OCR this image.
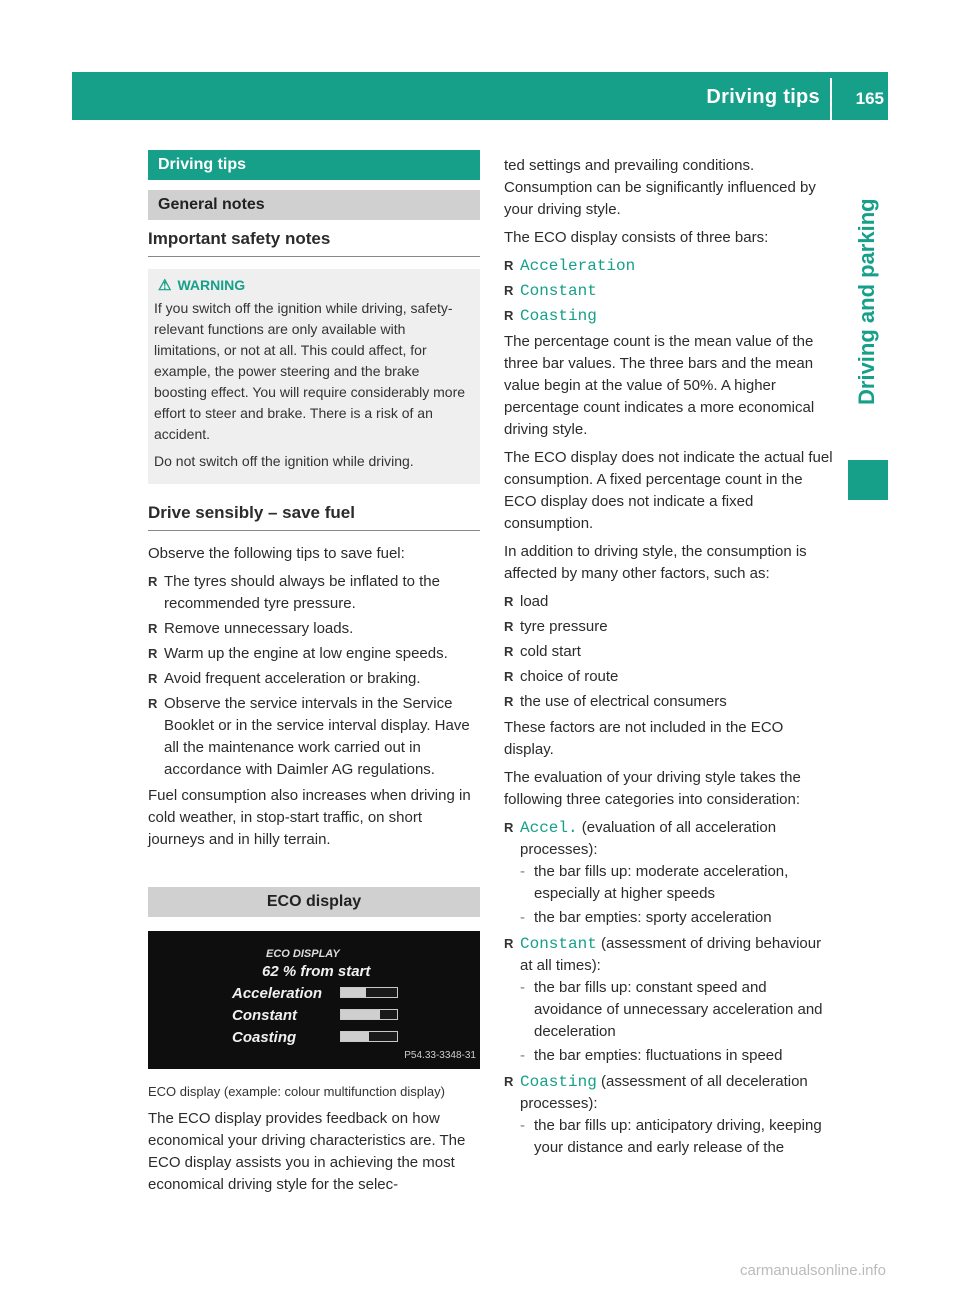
Driving tips 165
Driving and parking
Driving tips
General notes
Important safety notes
⚠ WARNING

If you switch off the ignition while driving, safety-relevant functions are only available with limitations, or not at all. This could affect, for example, the power steering and the brake boosting effect. You will require considerably more effort to steer and brake. There is a risk of an accident.

Do not switch off the ignition while driving.

Drive sensibly – save fuel

Observe the following tips to save fuel:

R The tyres should always be inflated to the recommended tyre pressure.
R Remove unnecessary loads.
R Warm up the engine at low engine speeds.
R Avoid frequent acceleration or braking.
R Observe the service intervals in the Service Booklet or in the service interval display. Have all the maintenance work carried out in accordance with Daimler AG regulations.

Fuel consumption also increases when driving in cold weather, in stop-start traffic, on short journeys and in hilly terrain.

ECO display
ECO DISPLAY
62 % from start
Acceleration
Constant
Coasting
P54.33-3348-31
ECO display (example: colour multifunction display)

The ECO display provides feedback on how economical your driving characteristics are. The ECO display assists you in achieving the most economical driving style for the selec-

ted settings and prevailing conditions. Consumption can be significantly influenced by your driving style.

The ECO display consists of three bars:

R Acceleration
R Constant
R Coasting

The percentage count is the mean value of the three bar values. The three bars and the mean value begin at the value of 50%. A higher percentage count indicates a more economical driving style.

The ECO display does not indicate the actual fuel consumption. A fixed percentage count in the ECO display does not indicate a fixed consumption.

In addition to driving style, the consumption is affected by many other factors, such as:

R load
R tyre pressure
R cold start
R choice of route
R the use of electrical consumers

These factors are not included in the ECO display.

The evaluation of your driving style takes the following three categories into consideration:

R Accel. (evaluation of all acceleration processes):
- the bar fills up: moderate acceleration, especially at higher speeds
- the bar empties: sporty acceleration
R Constant (assessment of driving behaviour at all times):
- the bar fills up: constant speed and avoidance of unnecessary acceleration and deceleration
- the bar empties: fluctuations in speed
R Coasting (assessment of all deceleration processes):
- the bar fills up: anticipatory driving, keeping your distance and early release of the
carmanualsonline.info
